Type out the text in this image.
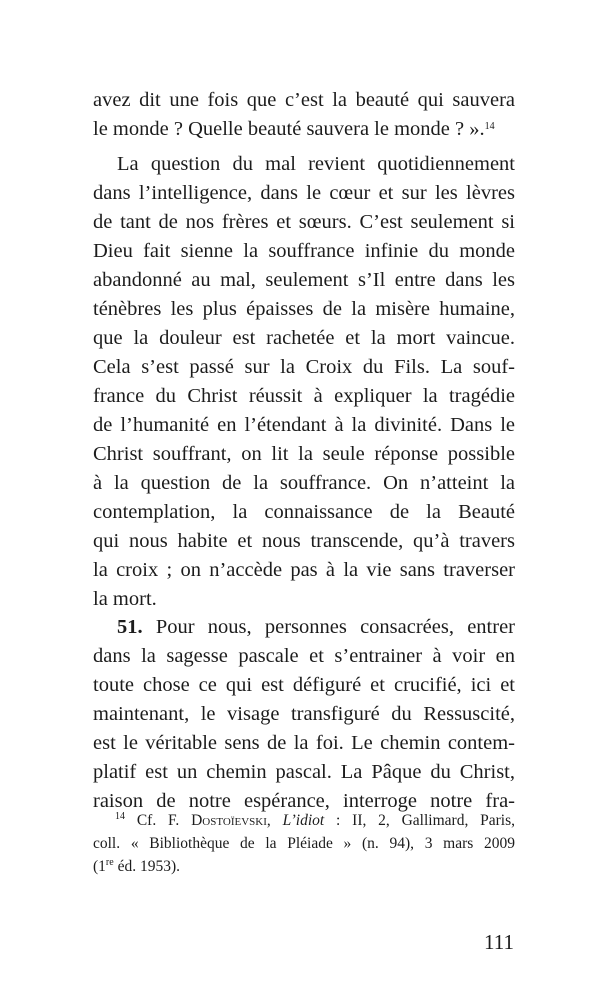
avez dit une fois que c’est la beauté qui sauvera
le monde ? Quelle beauté sauvera le monde ? ».$^{14}$
La question du mal revient quotidiennement
dans l’intelligence, dans le cœur et sur les lèvres
de tant de nos frères et sœurs. C’est seulement si
Dieu fait sienne la souffrance infinie du monde
abandonné au mal, seulement s’Il entre dans les
ténèbres les plus épaisses de la misère humaine,
que la douleur est rachetée et la mort vaincue.
Cela s’est passé sur la Croix du Fils. La souf-
france du Christ réussit à expliquer la tragédie
de l’humanité en l’étendant à la divinité. Dans le
Christ souffrant, on lit la seule réponse possible
à la question de la souffrance. On n’atteint la
contemplation, la connaissance de la Beauté
qui nous habite et nous transcende, qu’à travers
la croix ; on n’accède pas à la vie sans traverser
la mort.
51. Pour nous, personnes consacrées, entrer
dans la sagesse pascale et s’entrainer à voir en
toute chose ce qui est défiguré et crucifié, ici et
maintenant, le visage transfiguré du Ressuscité,
est le véritable sens de la foi. Le chemin contem-
platif est un chemin pascal. La Pâque du Christ,
raison de notre espérance, interroge notre fra-
$^{14}$ Cf. F. Dostoïevski, L’idiot : II, 2, Gallimard, Paris,
coll. « Bibliothèque de la Pléiade » (n. 94), 3 mars 2009
(1re éd. 1953).
111
